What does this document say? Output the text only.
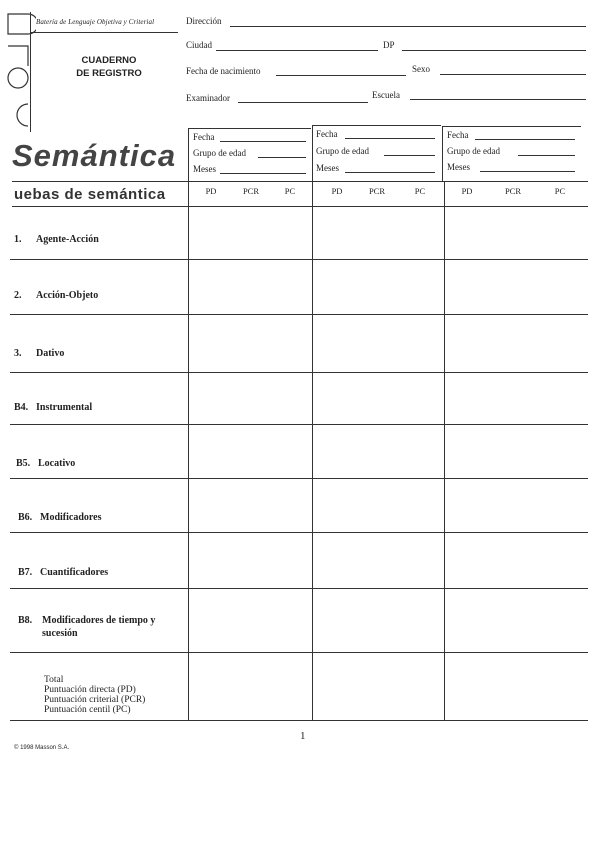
Batería de Lenguaje Objetiva y Criterial
CUADERNO DE REGISTRO
Semántica
Dirección
Ciudad	DP
Fecha de nacimiento	Sexo
Examinador	Escuela
Fecha
Grupo de edad
Meses
Fecha
Grupo de edad
Meses
Fecha
Grupo de edad
Meses
uebas de semántica	PD	PCR	PC	PD	PCR	PC	PD	PCR	PC
1. Agente-Acción
2. Acción-Objeto
3. Dativo
B4. Instrumental
B5. Locativo
B6. Modificadores
B7. Cuantificadores
B8. Modificadores de tiempo y sucesión
Total
Puntuación directa (PD)
Puntuación criterial (PCR)
Puntuación centil (PC)
1
© 1998 Masson S.A.
